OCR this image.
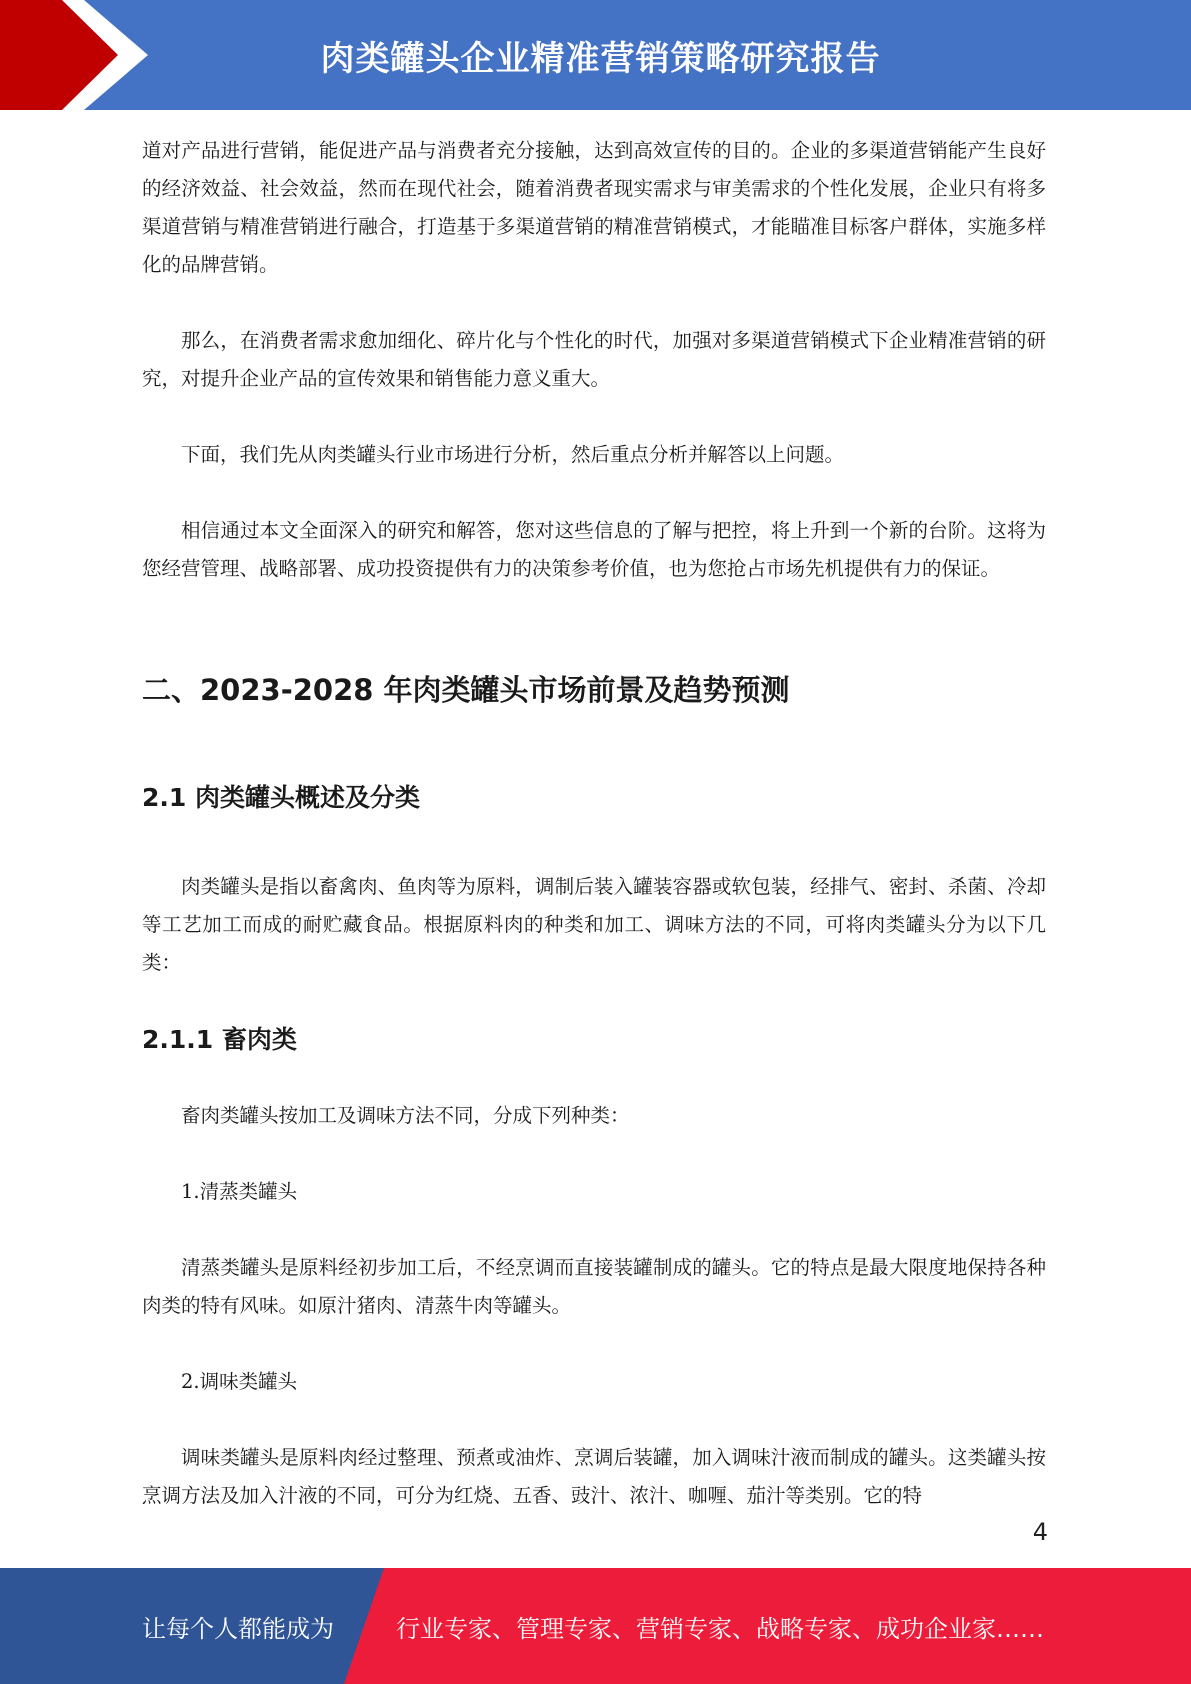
肉类罐头企业精准营销策略研究报告

道对产品进行营销，能促进产品与消费者充分接触，达到高效宣传的目的。企业的多渠道营销能产生良好的经济效益、社会效益，然而在现代社会，随着消费者现实需求与审美需求的个性化发展，企业只有将多渠道营销与精准营销进行融合，打造基于多渠道营销的精准营销模式，才能瞄准目标客户群体，实施多样化的品牌营销。

那么，在消费者需求愈加细化、碎片化与个性化的时代，加强对多渠道营销模式下企业精准营销的研究，对提升企业产品的宣传效果和销售能力意义重大。

下面，我们先从肉类罐头行业市场进行分析，然后重点分析并解答以上问题。

相信通过本文全面深入的研究和解答，您对这些信息的了解与把控，将上升到一个新的台阶。这将为您经营管理、战略部署、成功投资提供有力的决策参考价值，也为您抢占市场先机提供有力的保证。

二、2023-2028 年肉类罐头市场前景及趋势预测
2.1 肉类罐头概述及分类

肉类罐头是指以畜禽肉、鱼肉等为原料，调制后装入罐装容器或软包装，经排气、密封、杀菌、冷却等工艺加工而成的耐贮藏食品。根据原料肉的种类和加工、调味方法的不同，可将肉类罐头分为以下几类：

2.1.1 畜肉类

畜肉类罐头按加工及调味方法不同，分成下列种类：

1.清蒸类罐头

清蒸类罐头是原料经初步加工后，不经烹调而直接装罐制成的罐头。它的特点是最大限度地保持各种肉类的特有风味。如原汁猪肉、清蒸牛肉等罐头。

2.调味类罐头

调味类罐头是原料肉经过整理、预煮或油炸、烹调后装罐，加入调味汁液而制成的罐头。这类罐头按烹调方法及加入汁液的不同，可分为红烧、五香、豉汁、浓汁、咖喱、茄汁等类别。它的特

4
让每个人都能成为	行业专家、管理专家、营销专家、战略专家、成功企业家……
